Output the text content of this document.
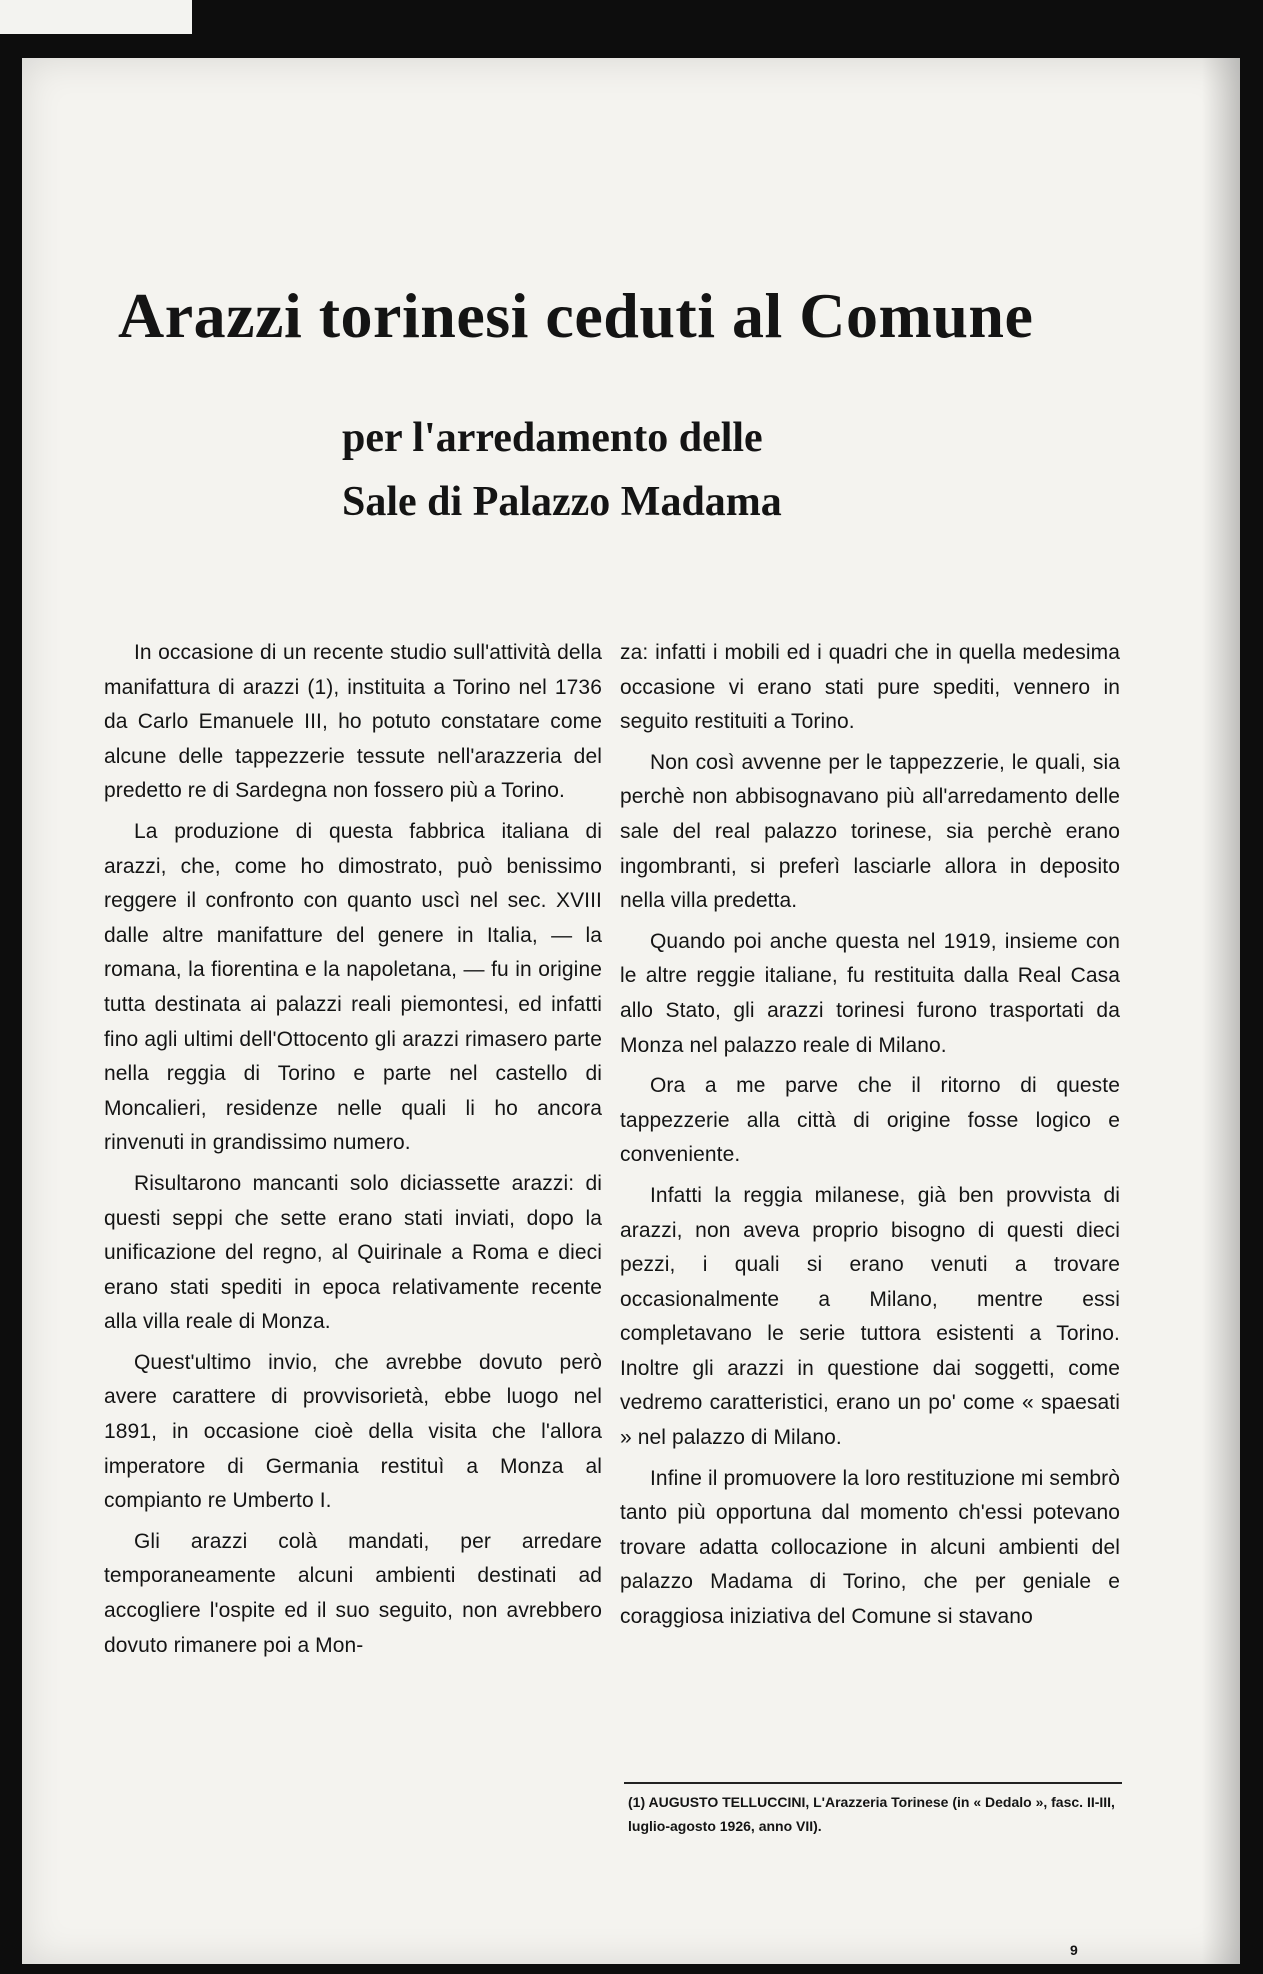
Arazzi torinesi ceduti al Comune
per l'arredamento delle
Sale di Palazzo Madama

In occasione di un recente studio sull'attività della manifattura di arazzi (1), instituita a Torino nel 1736 da Carlo Emanuele III, ho potuto constatare come alcune delle tappezzerie tessute nell'arazzeria del predetto re di Sardegna non fossero più a Torino.

La produzione di questa fabbrica italiana di arazzi, che, come ho dimostrato, può benissimo reggere il confronto con quanto uscì nel sec. XVIII dalle altre manifatture del genere in Italia, — la romana, la fiorentina e la napoletana, — fu in origine tutta destinata ai palazzi reali piemontesi, ed infatti fino agli ultimi dell'Ottocento gli arazzi rimasero parte nella reggia di Torino e parte nel castello di Moncalieri, residenze nelle quali li ho ancora rinvenuti in grandissimo numero.

Risultarono mancanti solo diciassette arazzi: di questi seppi che sette erano stati inviati, dopo la unificazione del regno, al Quirinale a Roma e dieci erano stati spediti in epoca relativamente recente alla villa reale di Monza.

Quest'ultimo invio, che avrebbe dovuto però avere carattere di provvisorietà, ebbe luogo nel 1891, in occasione cioè della visita che l'allora imperatore di Germania restituì a Monza al compianto re Umberto I.

Gli arazzi colà mandati, per arredare temporaneamente alcuni ambienti destinati ad accogliere l'ospite ed il suo seguito, non avrebbero dovuto rimanere poi a Mon-

za: infatti i mobili ed i quadri che in quella medesima occasione vi erano stati pure spediti, vennero in seguito restituiti a Torino.

Non così avvenne per le tappezzerie, le quali, sia perchè non abbisognavano più all'arredamento delle sale del real palazzo torinese, sia perchè erano ingombranti, si preferì lasciarle allora in deposito nella villa predetta.

Quando poi anche questa nel 1919, insieme con le altre reggie italiane, fu restituita dalla Real Casa allo Stato, gli arazzi torinesi furono trasportati da Monza nel palazzo reale di Milano.

Ora a me parve che il ritorno di queste tappezzerie alla città di origine fosse logico e conveniente.

Infatti la reggia milanese, già ben provvista di arazzi, non aveva proprio bisogno di questi dieci pezzi, i quali si erano venuti a trovare occasionalmente a Milano, mentre essi completavano le serie tuttora esistenti a Torino. Inoltre gli arazzi in questione dai soggetti, come vedremo caratteristici, erano un po' come « spaesati » nel palazzo di Milano.

Infine il promuovere la loro restituzione mi sembrò tanto più opportuna dal momento ch'essi potevano trovare adatta collocazione in alcuni ambienti del palazzo Madama di Torino, che per geniale e coraggiosa iniziativa del Comune si stavano

(1) AUGUSTO TELLUCCINI, L'Arazzeria Torinese (in « Dedalo », fasc. II-III, luglio-agosto 1926, anno VII).
9
